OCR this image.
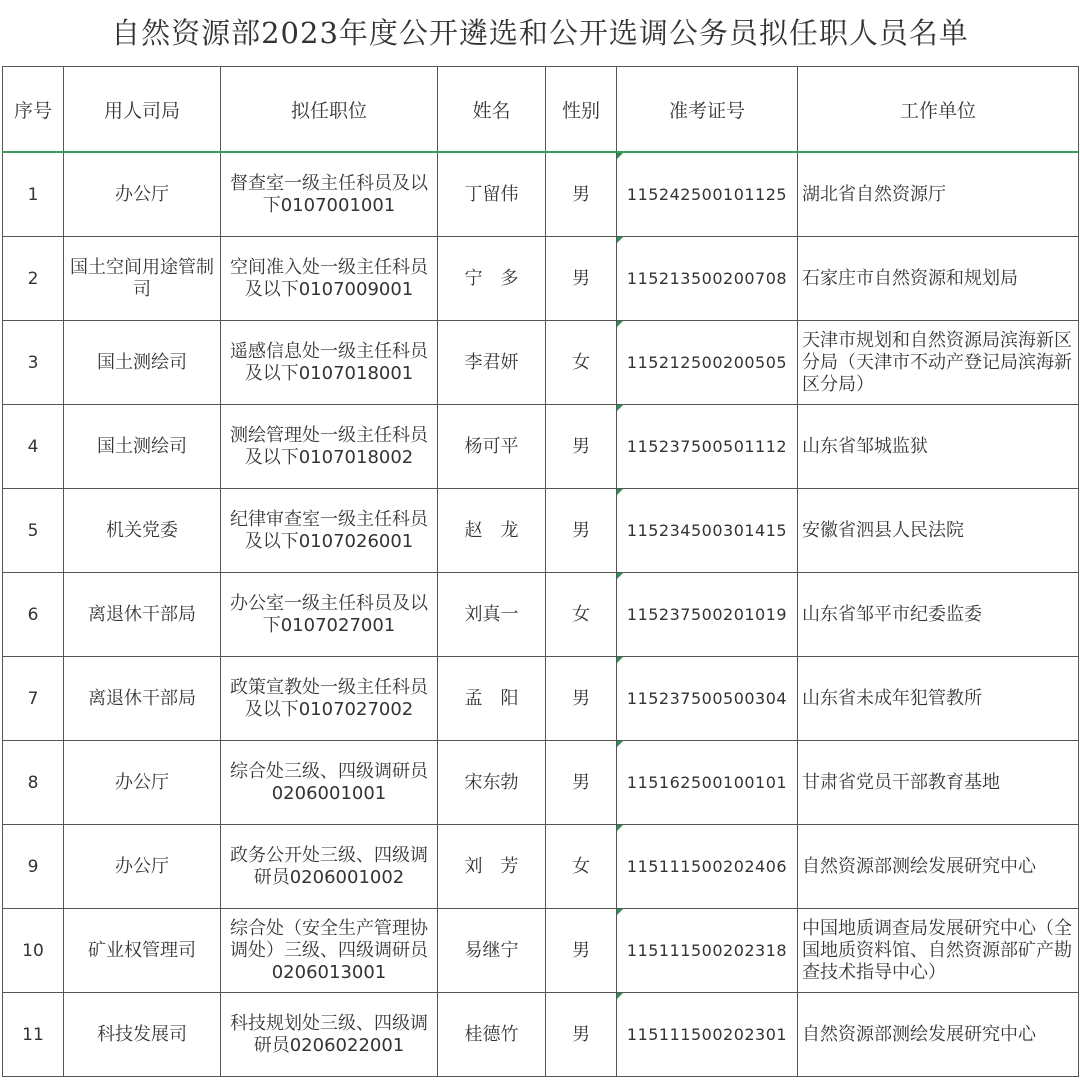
自然资源部2023年度公开遴选和公开选调公务员拟任职人员名单
序号	用人司局	拟任职位	姓名	性别	准考证号	工作单位
1	办公厅	督查室一级主任科员及以下0107001001	丁留伟	男	115242500101125	湖北省自然资源厅
2	国土空间用途管制司	空间准入处一级主任科员及以下0107009001	宁　多	男	115213500200708	石家庄市自然资源和规划局
3	国土测绘司	遥感信息处一级主任科员及以下0107018001	李君妍	女	115212500200505	天津市规划和自然资源局滨海新区分局（天津市不动产登记局滨海新区分局）
4	国土测绘司	测绘管理处一级主任科员及以下0107018002	杨可平	男	115237500501112	山东省邹城监狱
5	机关党委	纪律审查室一级主任科员及以下0107026001	赵　龙	男	115234500301415	安徽省泗县人民法院
6	离退休干部局	办公室一级主任科员及以下0107027001	刘真一	女	115237500201019	山东省邹平市纪委监委
7	离退休干部局	政策宣教处一级主任科员及以下0107027002	孟　阳	男	115237500500304	山东省未成年犯管教所
8	办公厅	综合处三级、四级调研员0206001001	宋东勃	男	115162500100101	甘肃省党员干部教育基地
9	办公厅	政务公开处三级、四级调研员0206001002	刘　芳	女	115111500202406	自然资源部测绘发展研究中心
10	矿业权管理司	综合处（安全生产管理协调处）三级、四级调研员0206013001	易继宁	男	115111500202318	中国地质调查局发展研究中心（全国地质资料馆、自然资源部矿产勘查技术指导中心）
11	科技发展司	科技规划处三级、四级调研员0206022001	桂德竹	男	115111500202301	自然资源部测绘发展研究中心
